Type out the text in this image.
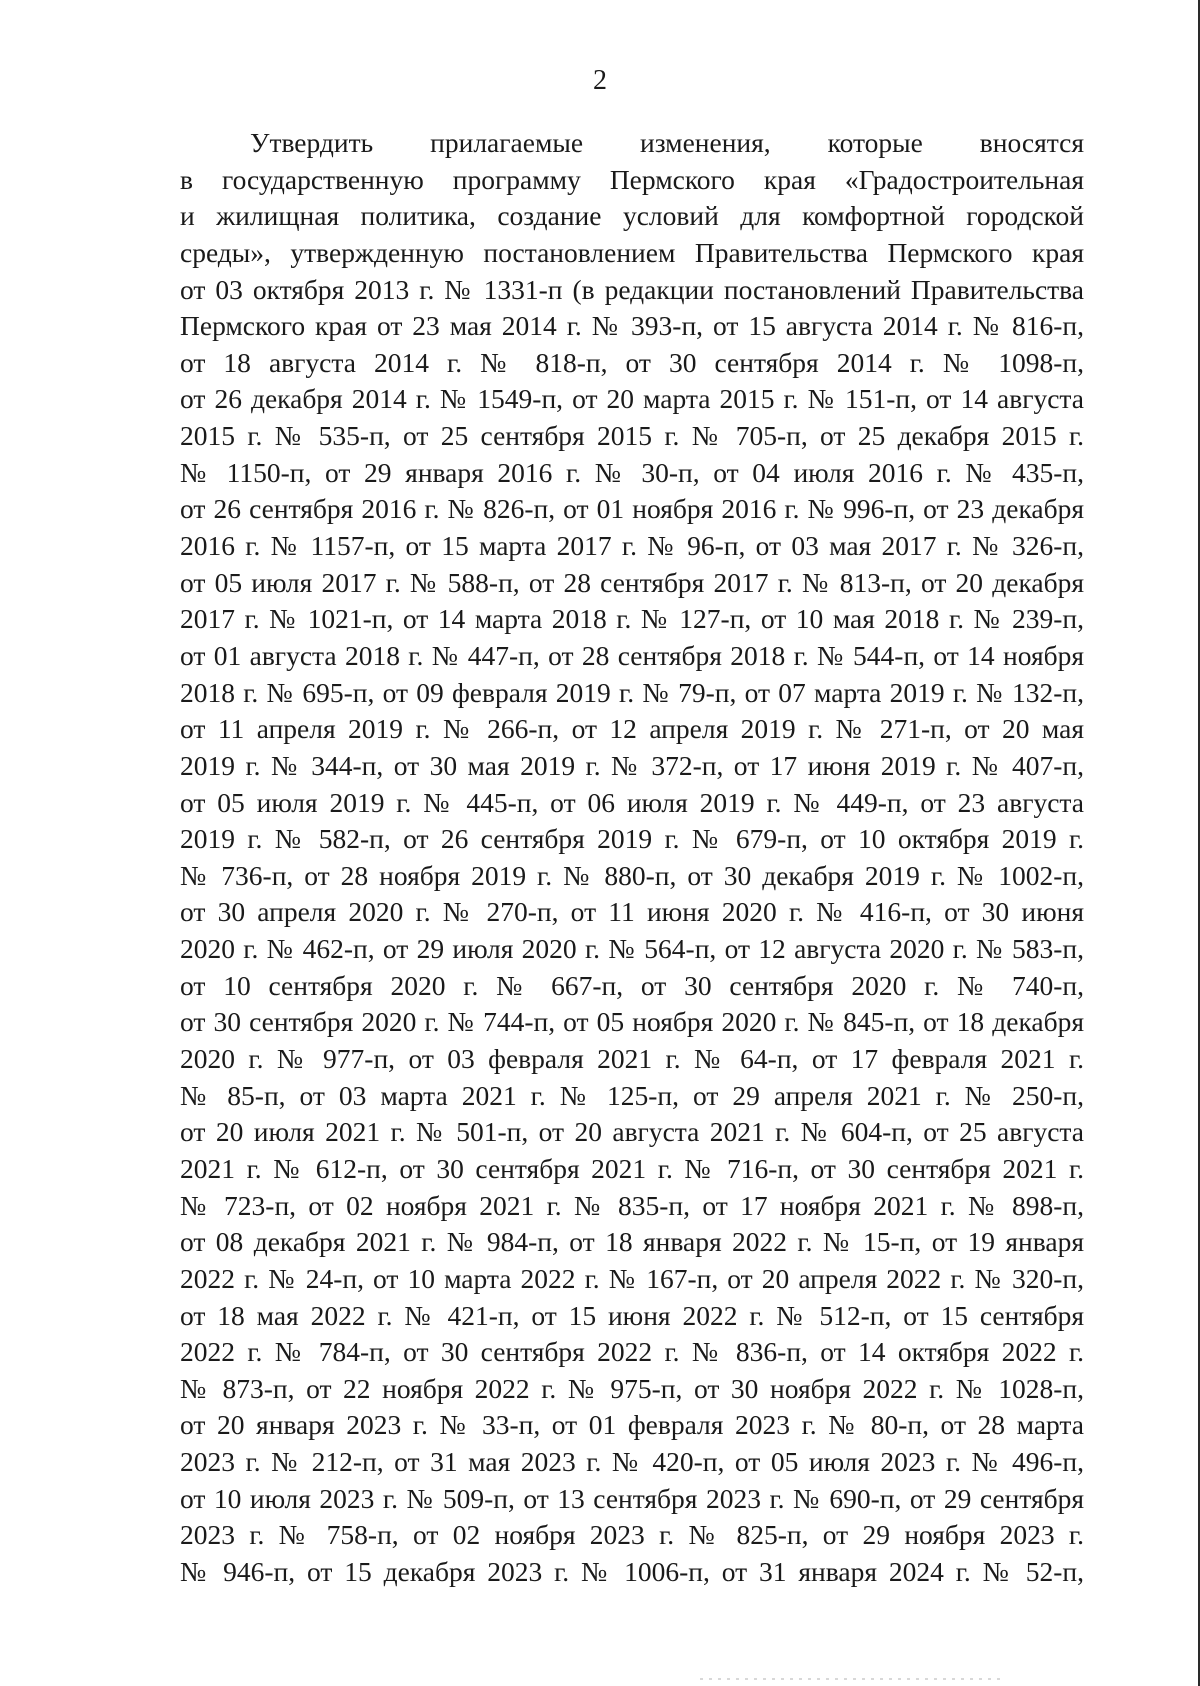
2
Утвердить прилагаемые изменения, которые вносятся
в государственную программу Пермского края «Градостроительная
и жилищная политика, создание условий для комфортной городской
среды», утвержденную постановлением Правительства Пермского края
от 03 октября 2013 г. № 1331-п (в редакции постановлений Правительства
Пермского края от 23 мая 2014 г. № 393-п, от 15 августа 2014 г. № 816-п,
от 18 августа 2014 г. № 818-п, от 30 сентября 2014 г. № 1098-п,
от 26 декабря 2014 г. № 1549-п, от 20 марта 2015 г. № 151-п, от 14 августа
2015 г. № 535-п, от 25 сентября 2015 г. № 705-п, от 25 декабря 2015 г.
№ 1150-п, от 29 января 2016 г. № 30-п, от 04 июля 2016 г. № 435-п,
от 26 сентября 2016 г. № 826-п, от 01 ноября 2016 г. № 996-п, от 23 декабря
2016 г. № 1157-п, от 15 марта 2017 г. № 96-п, от 03 мая 2017 г. № 326-п,
от 05 июля 2017 г. № 588-п, от 28 сентября 2017 г. № 813-п, от 20 декабря
2017 г. № 1021-п, от 14 марта 2018 г. № 127-п, от 10 мая 2018 г. № 239-п,
от 01 августа 2018 г. № 447-п, от 28 сентября 2018 г. № 544-п, от 14 ноября
2018 г. № 695-п, от 09 февраля 2019 г. № 79-п, от 07 марта 2019 г. № 132-п,
от 11 апреля 2019 г. № 266-п, от 12 апреля 2019 г. № 271-п, от 20 мая
2019 г. № 344-п, от 30 мая 2019 г. № 372-п, от 17 июня 2019 г. № 407-п,
от 05 июля 2019 г. № 445-п, от 06 июля 2019 г. № 449-п, от 23 августа
2019 г. № 582-п, от 26 сентября 2019 г. № 679-п, от 10 октября 2019 г.
№ 736-п, от 28 ноября 2019 г. № 880-п, от 30 декабря 2019 г. № 1002-п,
от 30 апреля 2020 г. № 270-п, от 11 июня 2020 г. № 416-п, от 30 июня
2020 г. № 462-п, от 29 июля 2020 г. № 564-п, от 12 августа 2020 г. № 583-п,
от 10 сентября 2020 г. № 667-п, от 30 сентября 2020 г. № 740-п,
от 30 сентября 2020 г. № 744-п, от 05 ноября 2020 г. № 845-п, от 18 декабря
2020 г. № 977-п, от 03 февраля 2021 г. № 64-п, от 17 февраля 2021 г.
№ 85-п, от 03 марта 2021 г. № 125-п, от 29 апреля 2021 г. № 250-п,
от 20 июля 2021 г. № 501-п, от 20 августа 2021 г. № 604-п, от 25 августа
2021 г. № 612-п, от 30 сентября 2021 г. № 716-п, от 30 сентября 2021 г.
№ 723-п, от 02 ноября 2021 г. № 835-п, от 17 ноября 2021 г. № 898-п,
от 08 декабря 2021 г. № 984-п, от 18 января 2022 г. № 15-п, от 19 января
2022 г. № 24-п, от 10 марта 2022 г. № 167-п, от 20 апреля 2022 г. № 320-п,
от 18 мая 2022 г. № 421-п, от 15 июня 2022 г. № 512-п, от 15 сентября
2022 г. № 784-п, от 30 сентября 2022 г. № 836-п, от 14 октября 2022 г.
№ 873-п, от 22 ноября 2022 г. № 975-п, от 30 ноября 2022 г. № 1028-п,
от 20 января 2023 г. № 33-п, от 01 февраля 2023 г. № 80-п, от 28 марта
2023 г. № 212-п, от 31 мая 2023 г. № 420-п, от 05 июля 2023 г. № 496-п,
от 10 июля 2023 г. № 509-п, от 13 сентября 2023 г. № 690-п, от 29 сентября
2023 г. № 758-п, от 02 ноября 2023 г. № 825-п, от 29 ноября 2023 г.
№ 946-п, от 15 декабря 2023 г. № 1006-п, от 31 января 2024 г. № 52-п,
